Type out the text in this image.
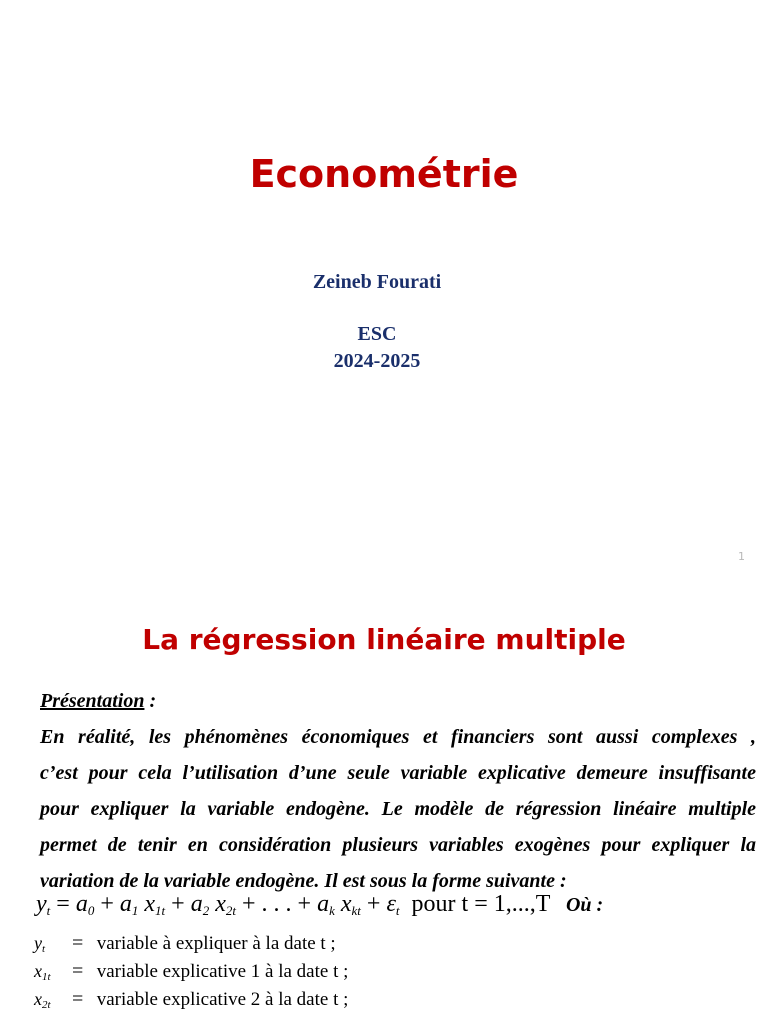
Econométrie
Zeineb Fourati
ESC
2024-2025
1
La régression linéaire multiple
Présentation :
En réalité, les phénomènes économiques et financiers sont aussi complexes ,
c’est pour cela l’utilisation d’une seule variable explicative demeure insuffisante
pour expliquer la variable endogène. Le modèle de régression linéaire multiple
permet de tenir en considération plusieurs variables exogènes pour expliquer la
variation de la variable endogène. Il est sous la forme suivante :
$y_t = a_0 + a_1$ $x_{1t} + a_2$ $x_{2t}$ + . . . + $a_k$ $x_{kt} + \varepsilon_t$ pour t = 1,...,T Où :
$y_t$ = variable à expliquer à la date t ;
$x_{1t}$ = variable explicative 1 à la date t ;
$x_{2t}$ = variable explicative 2 à la date t ;
